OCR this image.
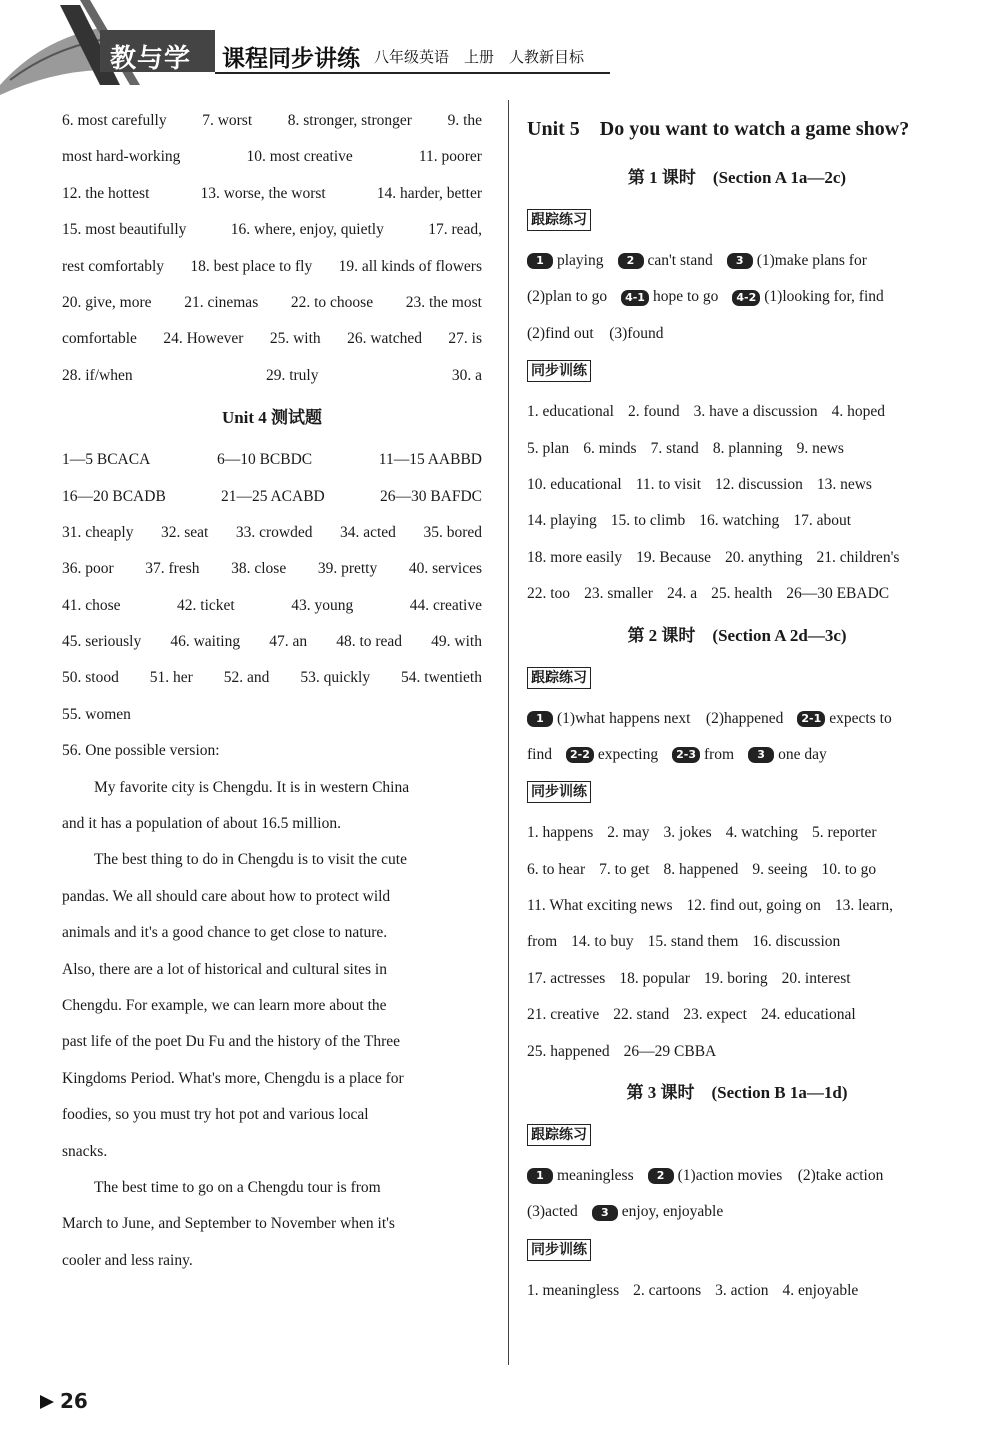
教与学 课程同步讲练 八年级英语　上册　人教新目标
6. most carefully 7. worst 8. stronger, stronger 9. the
most hard-working	10. most creative	11. poorer
12. the hottest	13. worse, the worst	14. harder, better
15. most beautifully	16. where, enjoy, quietly	17. read,
rest comfortably 18. best place to fly 19. all kinds of flowers
20. give, more 21. cinemas 22. to choose 23. the most
comfortable 24. However 25. with 26. watched 27. is
28. if/when	29. truly	30. a
Unit 4 测试题
1—5 BCACA	6—10 BCBDC	11—15 AABBD
16—20 BCADB	21—25 ACABD	26—30 BAFDC
31. cheaply 32. seat 33. crowded 34. acted 35. bored
36. poor 37. fresh 38. close 39. pretty 40. services
41. chose	42. ticket	43. young	44. creative
45. seriously 46. waiting 47. an 48. to read 49. with
50. stood 51. her 52. and 53. quickly 54. twentieth
55. women
56. One possible version:
My favorite city is Chengdu. It is in western China
and it has a population of about 16.5 million.
The best thing to do in Chengdu is to visit the cute
pandas. We all should care about how to protect wild
animals and it's a good chance to get close to nature.
Also, there are a lot of historical and cultural sites in
Chengdu. For example, we can learn more about the
past life of the poet Du Fu and the history of the Three
Kingdoms Period. What's more, Chengdu is a place for
foodies, so you must try hot pot and various local
snacks.
The best time to go on a Chengdu tour is from
March to June, and September to November when it's
cooler and less rainy.
Unit 5　Do you want to watch a game show?
第 1 课时　(Section A 1a—2c)
跟踪练习
1 playing 2 can't stand 3 (1)make plans for
(2)plan to go 4-1 hope to go 4-2 (1)looking for, find
(2)find out　(3)found
同步训练
1. educational 2. found 3. have a discussion 4. hoped
5. plan 6. minds 7. stand 8. planning 9. news
10. educational 11. to visit 12. discussion 13. news
14. playing 15. to climb 16. watching 17. about
18. more easily 19. Because 20. anything 21. children's
22. too 23. smaller 24. a 25. health 26—30 EBADC
第 2 课时　(Section A 2d—3c)
跟踪练习
1 (1)what happens next　(2)happened 2-1 expects to
find 2-2 expecting 2-3 from 3 one day
同步训练
1. happens 2. may 3. jokes 4. watching 5. reporter
6. to hear 7. to get 8. happened 9. seeing 10. to go
11. What exciting news 12. find out, going on 13. learn,
from 14. to buy 15. stand them 16. discussion
17. actresses 18. popular 19. boring 20. interest
21. creative 22. stand 23. expect 24. educational
25. happened 26—29 CBBA
第 3 课时　(Section B 1a—1d)
跟踪练习
1 meaningless 2 (1)action movies　(2)take action
(3)acted 3 enjoy, enjoyable
同步训练
1. meaningless 2. cartoons 3. action 4. enjoyable
26
